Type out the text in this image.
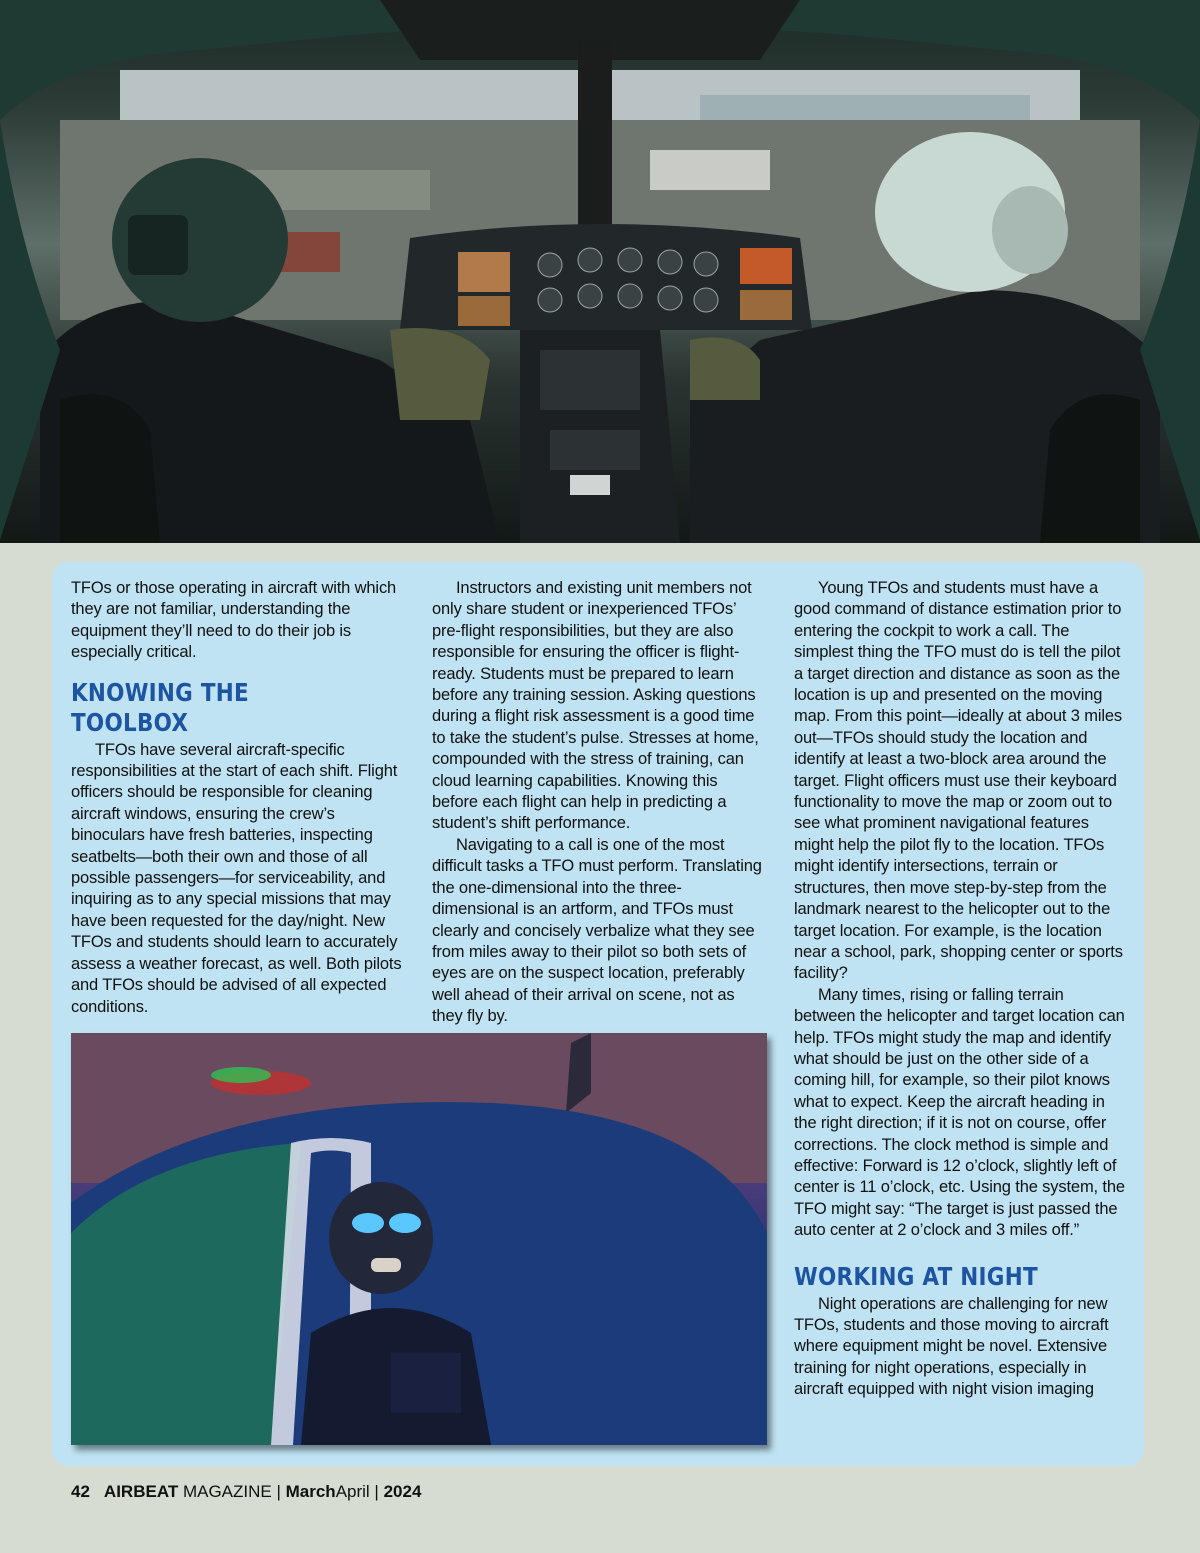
TFOs or those operating in aircraft with which they are not familiar, understanding the equipment they’ll need to do their job is especially critical.

KNOWING THE TOOLBOX

TFOs have several aircraft-specific responsibilities at the start of each shift. Flight officers should be responsible for cleaning aircraft windows, ensuring the crew’s binoculars have fresh batteries, inspecting seatbelts—both their own and those of all possible passengers—for serviceability, and inquiring as to any special missions that may have been requested for the day/night. New TFOs and students should learn to accurately assess a weather forecast, as well. Both pilots and TFOs should be advised of all expected conditions.

Instructors and existing unit members not only share student or inexperienced TFOs’ pre-flight responsibilities, but they are also responsible for ensuring the officer is flight-ready. Students must be prepared to learn before any training session. Asking questions during a flight risk assessment is a good time to take the student’s pulse. Stresses at home, compounded with the stress of training, can cloud learning capabilities. Knowing this before each flight can help in predicting a student’s shift performance.

Navigating to a call is one of the most difficult tasks a TFO must perform. Translating the one-dimensional into the three-dimensional is an artform, and TFOs must clearly and concisely verbalize what they see from miles away to their pilot so both sets of eyes are on the suspect location, preferably well ahead of their arrival on scene, not as they fly by.

Young TFOs and students must have a good command of distance estimation prior to entering the cockpit to work a call. The simplest thing the TFO must do is tell the pilot a target direction and distance as soon as the location is up and presented on the moving map. From this point—ideally at about 3 miles out—TFOs should study the location and identify at least a two-block area around the target. Flight officers must use their keyboard functionality to move the map or zoom out to see what prominent navigational features might help the pilot fly to the location. TFOs might identify intersections, terrain or structures, then move step-by-step from the landmark nearest to the helicopter out to the target location. For example, is the location near a school, park, shopping center or sports facility?

Many times, rising or falling terrain between the helicopter and target location can help. TFOs might study the map and identify what should be just on the other side of a coming hill, for example, so their pilot knows what to expect. Keep the aircraft heading in the right direction; if it is not on course, offer corrections. The clock method is simple and effective: Forward is 12 o’clock, slightly left of center is 11 o’clock, etc. Using the system, the TFO might say: “The target is just passed the auto center at 2 o’clock and 3 miles off.”

WORKING AT NIGHT

Night operations are challenging for new TFOs, students and those moving to aircraft where equipment might be novel. Extensive training for night operations, especially in aircraft equipped with night vision imaging

42 AIRBEAT MAGAZINE | MarchApril | 2024
